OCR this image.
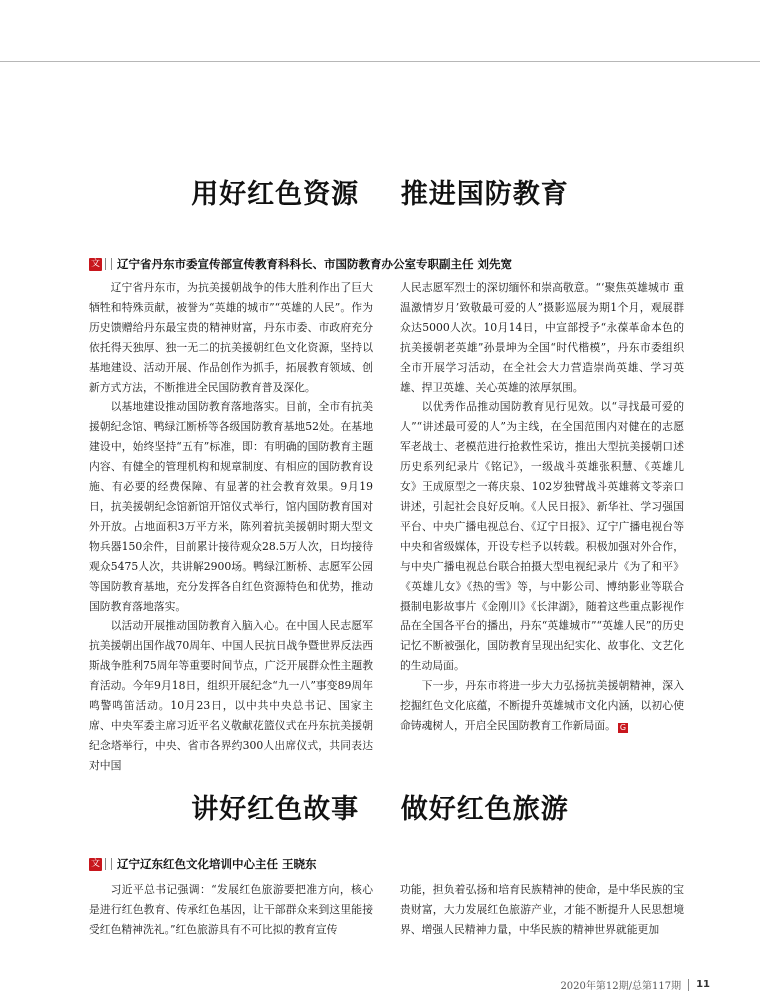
用好红色资源    推进国防教育
文 辽宁省丹东市委宣传部宣传教育科科长、市国防教育办公室专职副主任 刘先宽

辽宁省丹东市，为抗美援朝战争的伟大胜利作出了巨大牺牲和特殊贡献，被誉为“英雄的城市”“英雄的人民”。作为历史馈赠给丹东最宝贵的精神财富，丹东市委、市政府充分依托得天独厚、独一无二的抗美援朝红色文化资源，坚持以基地建设、活动开展、作品创作为抓手，拓展教育领域、创新方式方法，不断推进全民国防教育普及深化。

以基地建设推动国防教育落地落实。目前，全市有抗美援朝纪念馆、鸭绿江断桥等各级国防教育基地52处。在基地建设中，始终坚持“五有”标准，即：有明确的国防教育主题内容、有健全的管理机构和规章制度、有相应的国防教育设施、有必要的经费保障、有显著的社会教育效果。9月19日，抗美援朝纪念馆新馆开馆仪式举行，馆内国防教育国对外开放。占地面积3万平方米，陈列着抗美援朝时期大型文物兵器150余件，目前累计接待观众28.5万人次，日均接待观众5475人次，共讲解2900场。鸭绿江断桥、志愿军公园等国防教育基地，充分发挥各自红色资源特色和优势，推动国防教育落地落实。

以活动开展推动国防教育入脑入心。在中国人民志愿军抗美援朝出国作战70周年、中国人民抗日战争暨世界反法西斯战争胜利75周年等重要时间节点，广泛开展群众性主题教育活动。今年9月18日，组织开展纪念“九一八”事变89周年鸣警鸣笛活动。10月23日，以中共中央总书记、国家主席、中央军委主席习近平名义敬献花篮仪式在丹东抗美援朝纪念塔举行，中央、省市各界约300人出席仪式，共同表达对中国

人民志愿军烈士的深切缅怀和崇高敬意。“‘聚焦英雄城市 重温激情岁月’致敬最可爱的人”摄影巡展为期1个月，观展群众达5000人次。10月14日，中宣部授予“永葆革命本色的抗美援朝老英雄”孙景坤为全国“时代楷模”，丹东市委组织全市开展学习活动，在全社会大力营造崇尚英雄、学习英雄、捍卫英雄、关心英雄的浓厚氛围。

以优秀作品推动国防教育见行见效。以“寻找最可爱的人”“讲述最可爱的人”为主线，在全国范围内对健在的志愿军老战士、老模范进行抢救性采访，推出大型抗美援朝口述历史系列纪录片《铭记》，一级战斗英雄张积慧、《英雄儿女》王成原型之一蒋庆泉、102岁独臂战斗英雄蒋文苓亲口讲述，引起社会良好反响。《人民日报》、新华社、学习强国平台、中央广播电视总台、《辽宁日报》、辽宁广播电视台等中央和省级媒体，开设专栏予以转载。积极加强对外合作，与中央广播电视总台联合拍摄大型电视纪录片《为了和平》《英雄儿女》《热的雪》等，与中影公司、博纳影业等联合摄制电影故事片《金刚川》《长津湖》，随着这些重点影视作品在全国各平台的播出，丹东“英雄城市”“英雄人民”的历史记忆不断被强化，国防教育呈现出纪实化、故事化、文艺化的生动局面。

下一步，丹东市将进一步大力弘扬抗美援朝精神，深入挖掘红色文化底蕴，不断提升英雄城市文化内涵，以初心使命铸魂树人，开启全民国防教育工作新局面。 G

讲好红色故事    做好红色旅游
文 辽宁辽东红色文化培训中心主任 王晓东

习近平总书记强调：“发展红色旅游要把准方向，核心是进行红色教育、传承红色基因，让干部群众来到这里能接受红色精神洗礼。”红色旅游具有不可比拟的教育宣传

功能，担负着弘扬和培育民族精神的使命，是中华民族的宝贵财富，大力发展红色旅游产业，才能不断提升人民思想境界、增强人民精神力量，中华民族的精神世界就能更加

2020年第12期/总第117期 11
